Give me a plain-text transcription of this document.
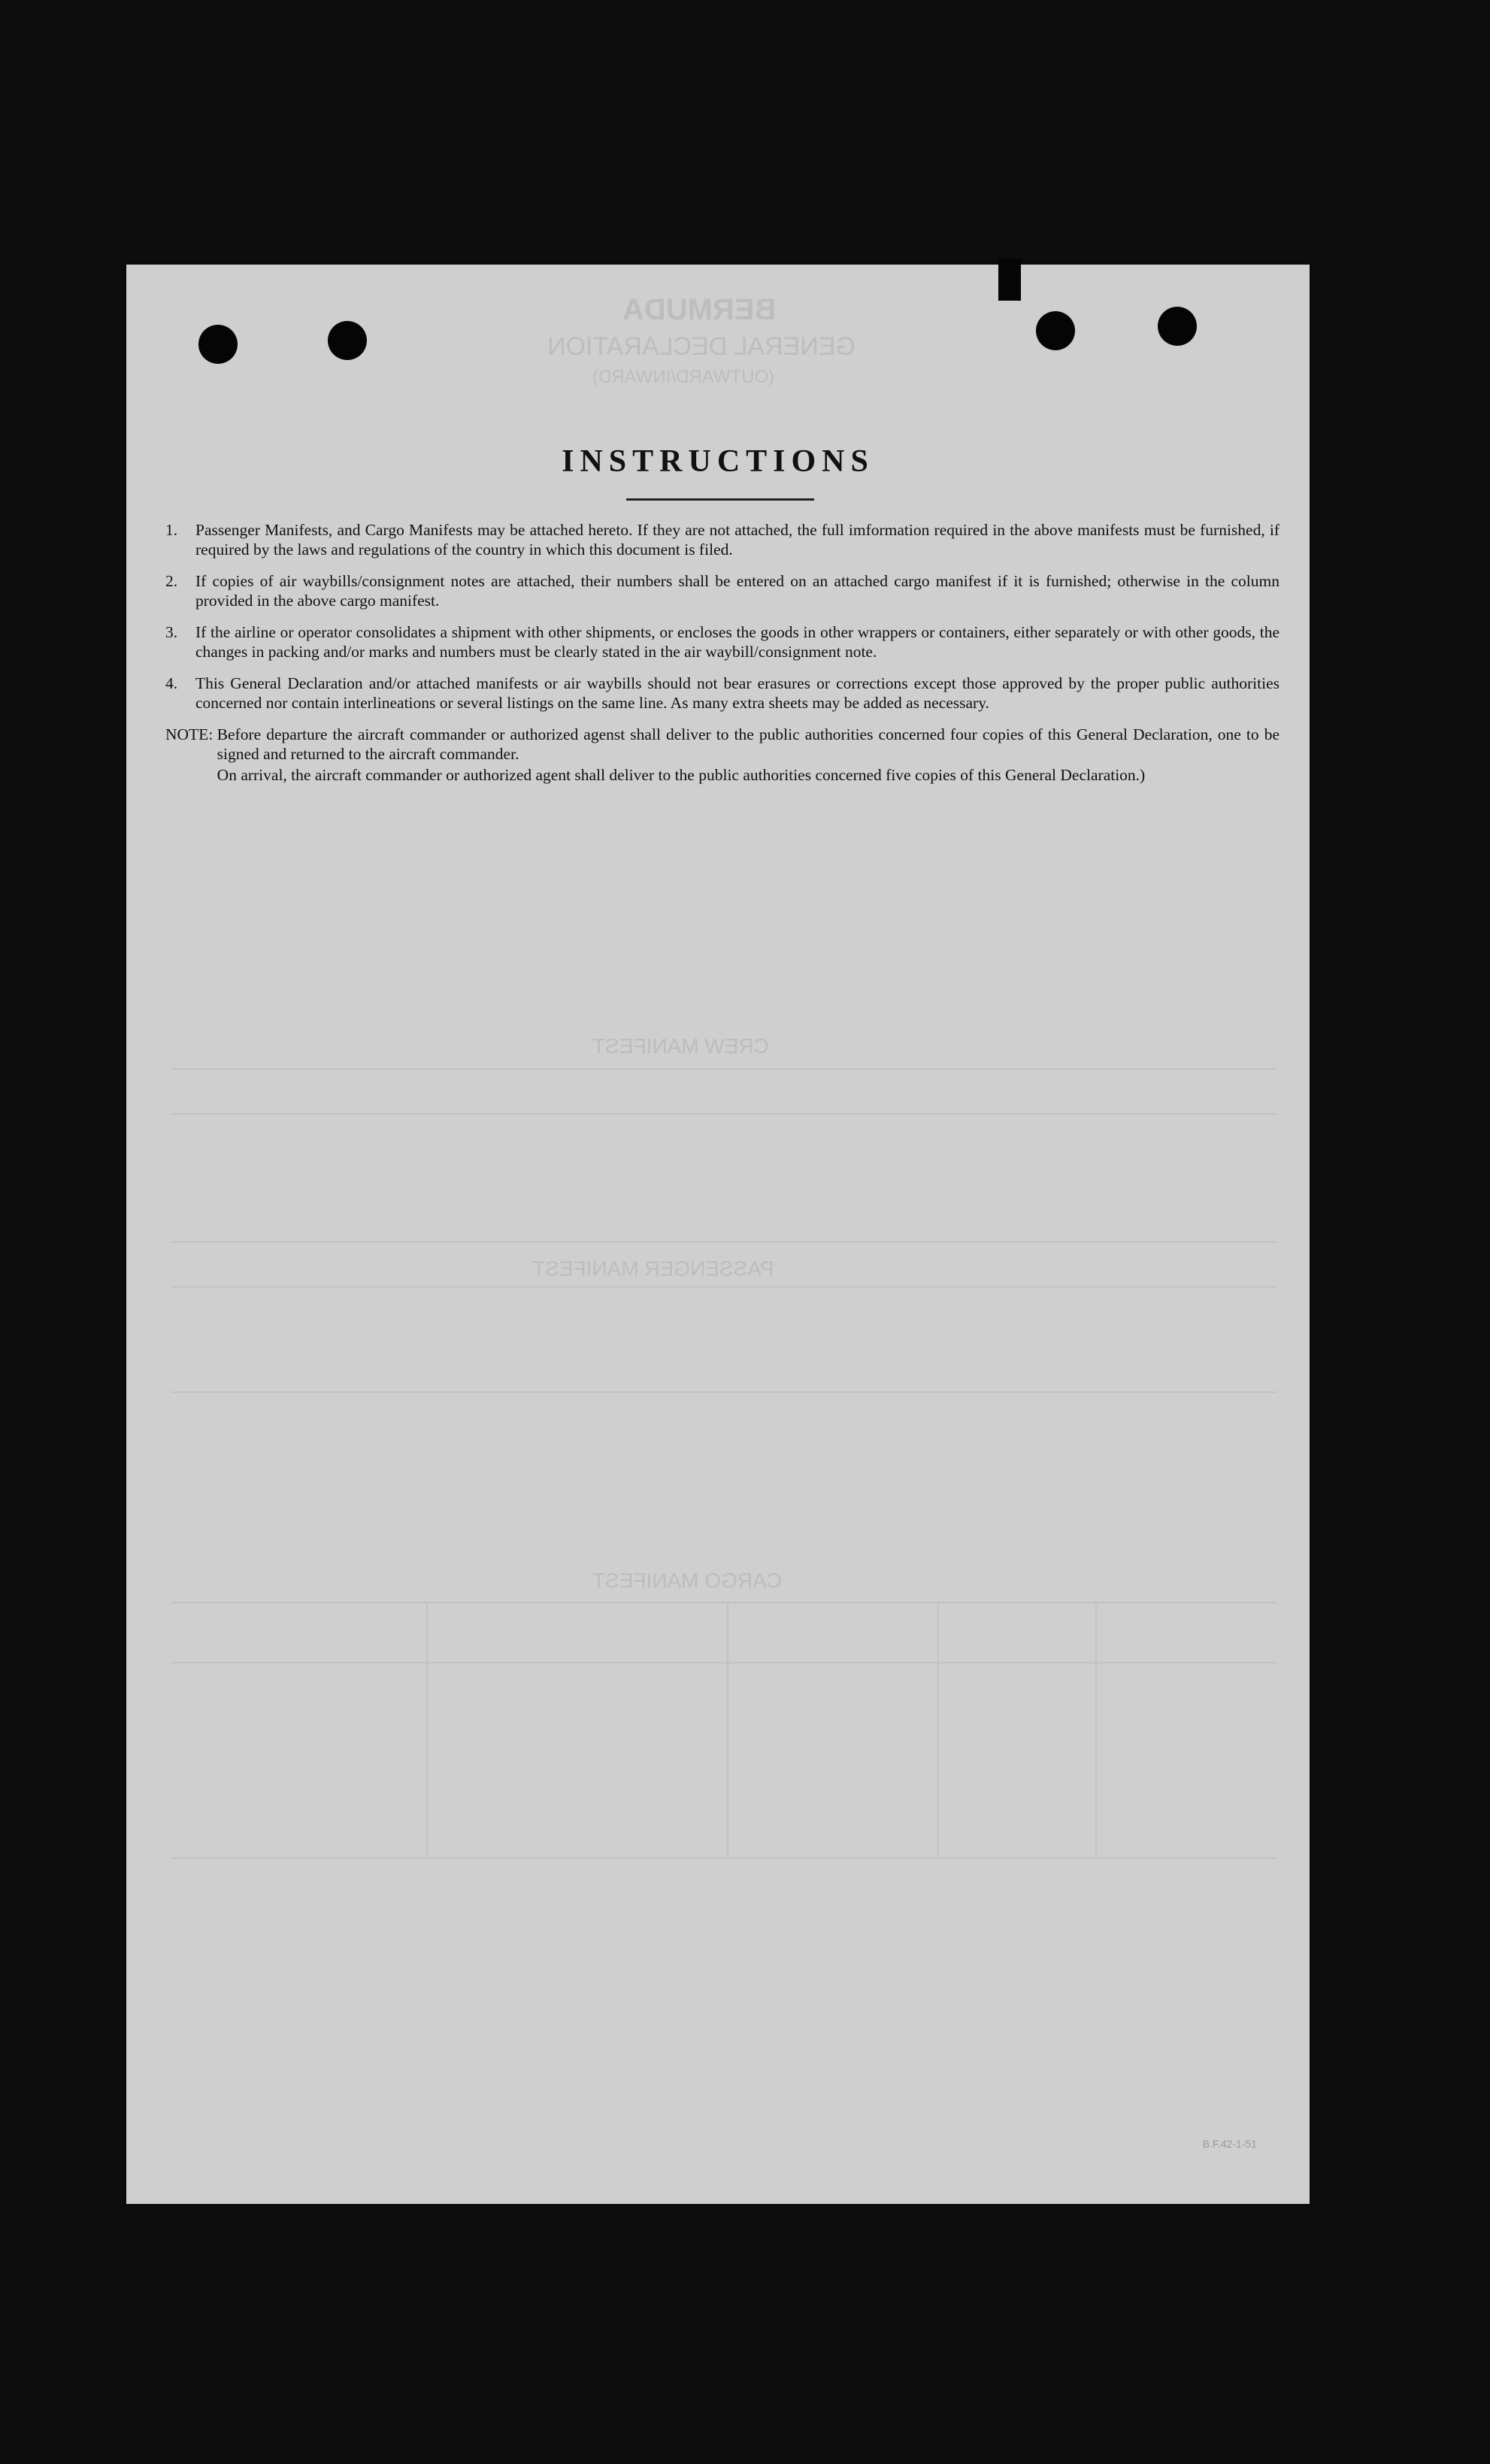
BERMUDA
GENERAL DECLARATION
(OUTWARD/INWARD)
CREW MANIFEST
PASSENGER MANIFEST
CARGO MANIFEST
INSTRUCTIONS
1.	Passenger Manifests, and Cargo Manifests may be attached hereto. If they are not attached, the full imformation required in the above manifests must be furnished, if required by the laws and regulations of the country in which this document is filed.
2.	If copies of air waybills/consignment notes are attached, their numbers shall be entered on an attached cargo manifest if it is furnished; otherwise in the column provided in the above cargo manifest.
3.	If the airline or operator consolidates a shipment with other shipments, or encloses the goods in other wrappers or containers, either separately or with other goods, the changes in packing and/or marks and numbers must be clearly stated in the air waybill/consignment note.
4.	This General Declaration and/or attached manifests or air waybills should not bear erasures or corrections except those approved by the proper public authorities concerned nor contain interlineations or several listings on the same line. As many extra sheets may be added as necessary.
NOTE: Before departure the aircraft commander or authorized agenst shall deliver to the public authorities concerned four copies of this General Declaration, one to be signed and returned to the aircraft commander.

On arrival, the aircraft commander or authorized agent shall deliver to the public authorities concerned five copies of this General Declaration.)

B.F.42-1-51
